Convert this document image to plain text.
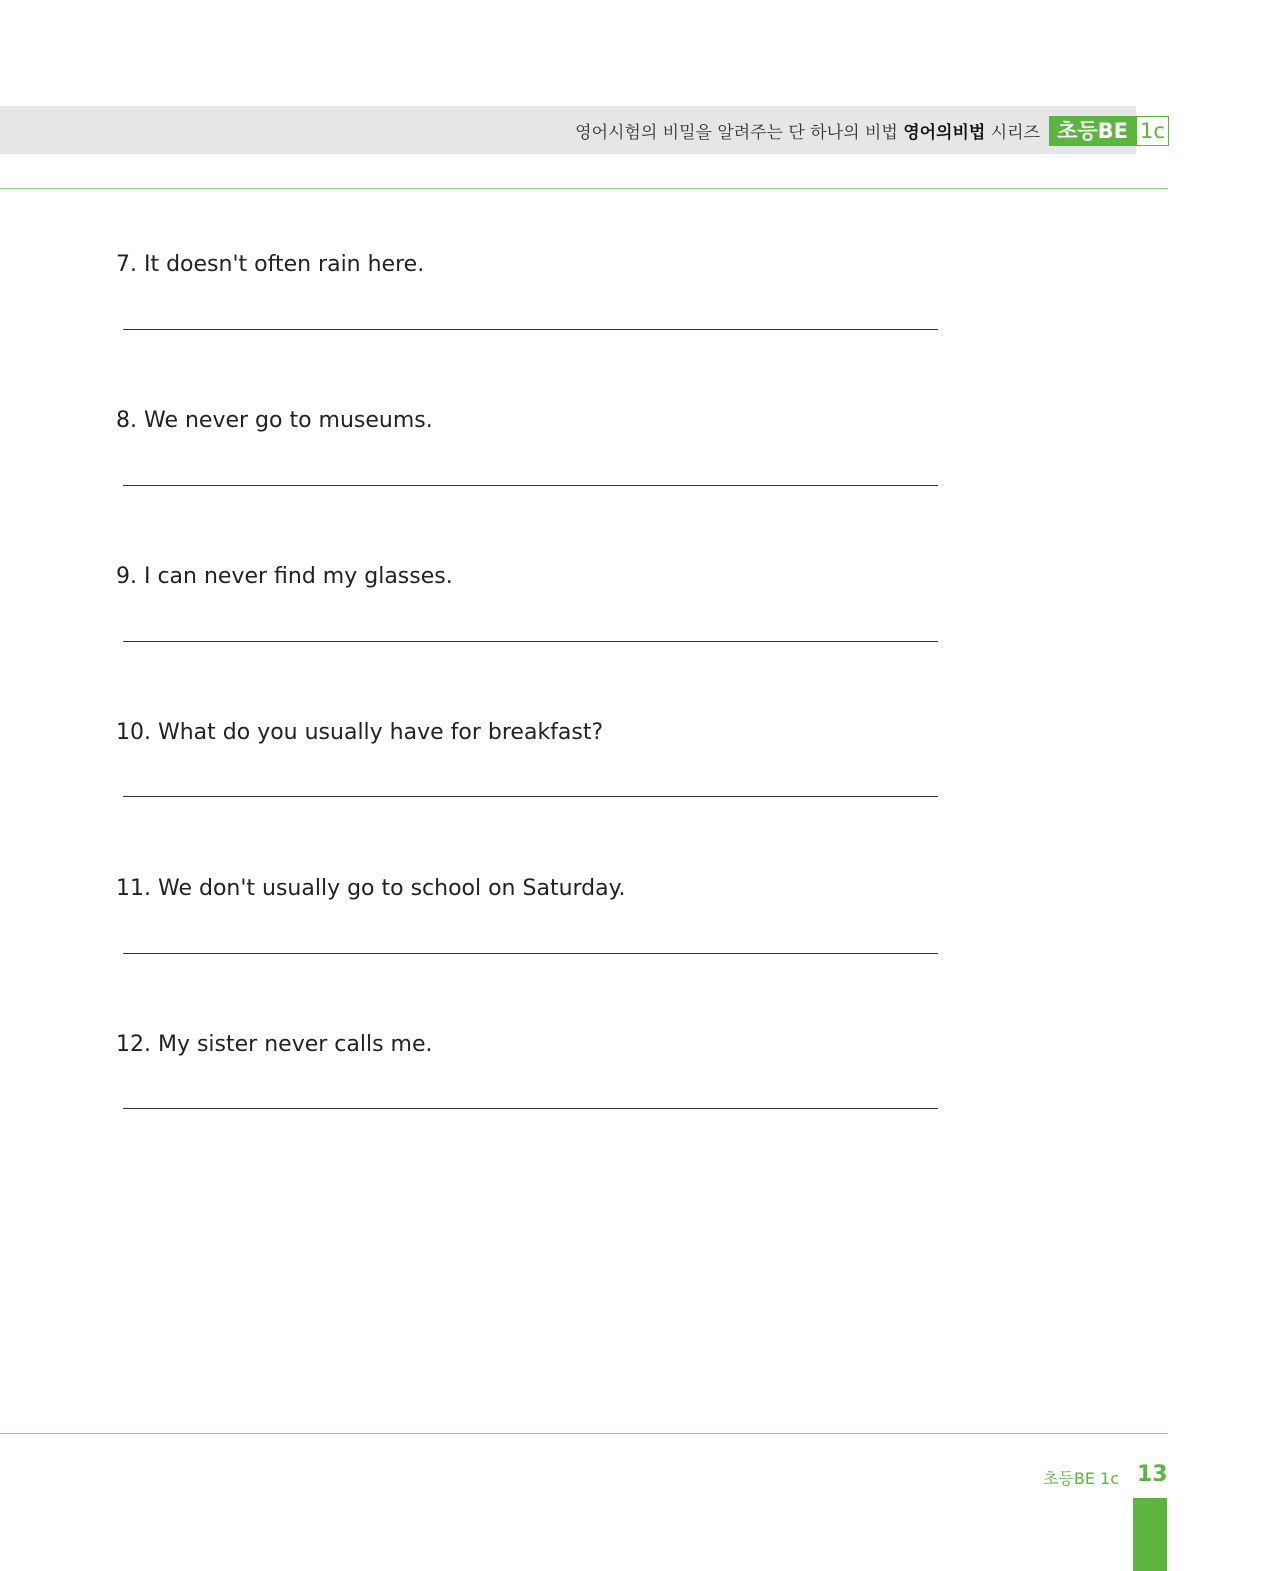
영어시험의 비밀을 알려주는 단 하나의 비법 영어의비법 시리즈 초등BE 1c
7. It doesn't often rain here.
8. We never go to museums.
9. I can never find my glasses.
10. What do you usually have for breakfast?
11. We don't usually go to school on Saturday.
12. My sister never calls me.
초등BE 1c 13
